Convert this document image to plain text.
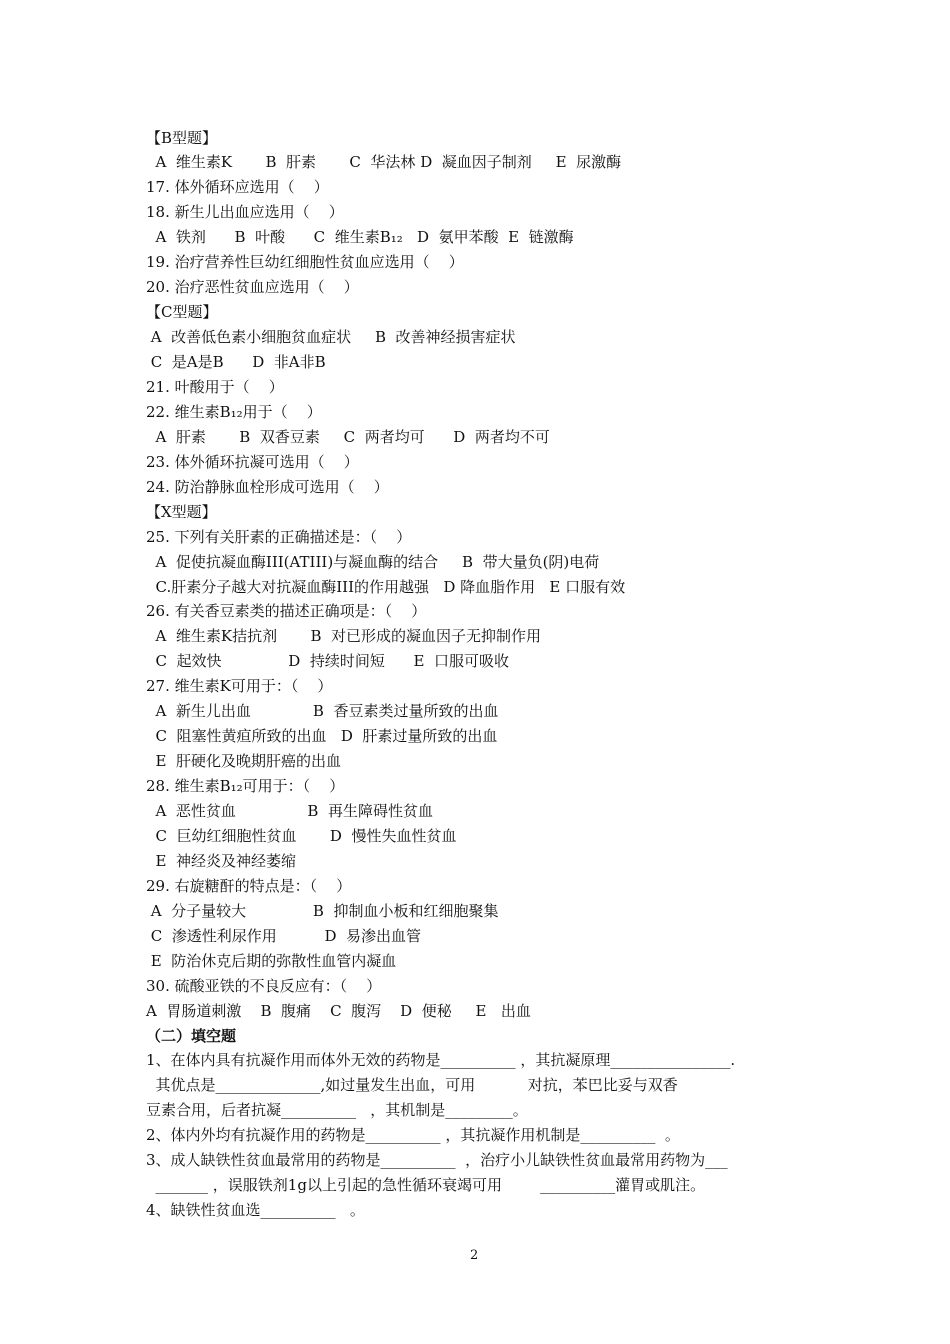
【B型题】
A  维生素K       B  肝素       C  华法林 D  凝血因子制剂     E  尿激酶
17. 体外循环应选用（    ）
18. 新生儿出血应选用（    ）
A  铁剂      B  叶酸      C  维生素B₁₂   D  氨甲苯酸  E  链激酶
19. 治疗营养性巨幼红细胞性贫血应选用（    ）
20. 治疗恶性贫血应选用（    ）
【C型题】
A  改善低色素小细胞贫血症状     B  改善神经损害症状
C  是A是B      D  非A非B
21. 叶酸用于（    ）
22. 维生素B₁₂用于（    ）
A  肝素       B  双香豆素     C  两者均可      D  两者均不可
23. 体外循环抗凝可选用（    ）
24. 防治静脉血栓形成可选用（    ）
【X型题】
25. 下列有关肝素的正确描述是：（    ）
A  促使抗凝血酶III(ATIII)与凝血酶的结合     B  带大量负(阴)电荷
C.肝素分子越大对抗凝血酶III的作用越强   D 降血脂作用   E 口服有效
26. 有关香豆素类的描述正确项是：（    ）
A  维生素K拮抗剂       B  对已形成的凝血因子无抑制作用
C  起效快              D  持续时间短      E  口服可吸收
27. 维生素K可用于：（    ）
A  新生儿出血             B  香豆素类过量所致的出血
C  阻塞性黄疸所致的出血   D  肝素过量所致的出血
E  肝硬化及晚期肝癌的出血
28. 维生素B₁₂可用于：（    ）
A  恶性贫血               B  再生障碍性贫血
C  巨幼红细胞性贫血       D  慢性失血性贫血
E  神经炎及神经萎缩
29. 右旋糖酐的特点是：（    ）
A  分子量较大              B  抑制血小板和红细胞聚集
C  渗透性利尿作用          D  易渗出血管
E  防治休克后期的弥散性血管内凝血
30. 硫酸亚铁的不良反应有：（    ）
A  胃肠道刺激    B  腹痛    C  腹泻    D  便秘     E   出血
（二）填空题
1、在体内具有抗凝作用而体外无效的药物是__________ ，其抗凝原理________________.
其优点是______________,如过量发生出血，可用           对抗，苯巴比妥与双香
豆素合用，后者抗凝__________   ，其机制是_________。
2、体内外均有抗凝作用的药物是__________ ，其抗凝作用机制是__________  。
3、成人缺铁性贫血最常用的药物是__________  ，治疗小儿缺铁性贫血最常用药物为___
_______ ，误服铁剂1g以上引起的急性循环衰竭可用        __________灌胃或肌注。
4、缺铁性贫血选__________   。
2
